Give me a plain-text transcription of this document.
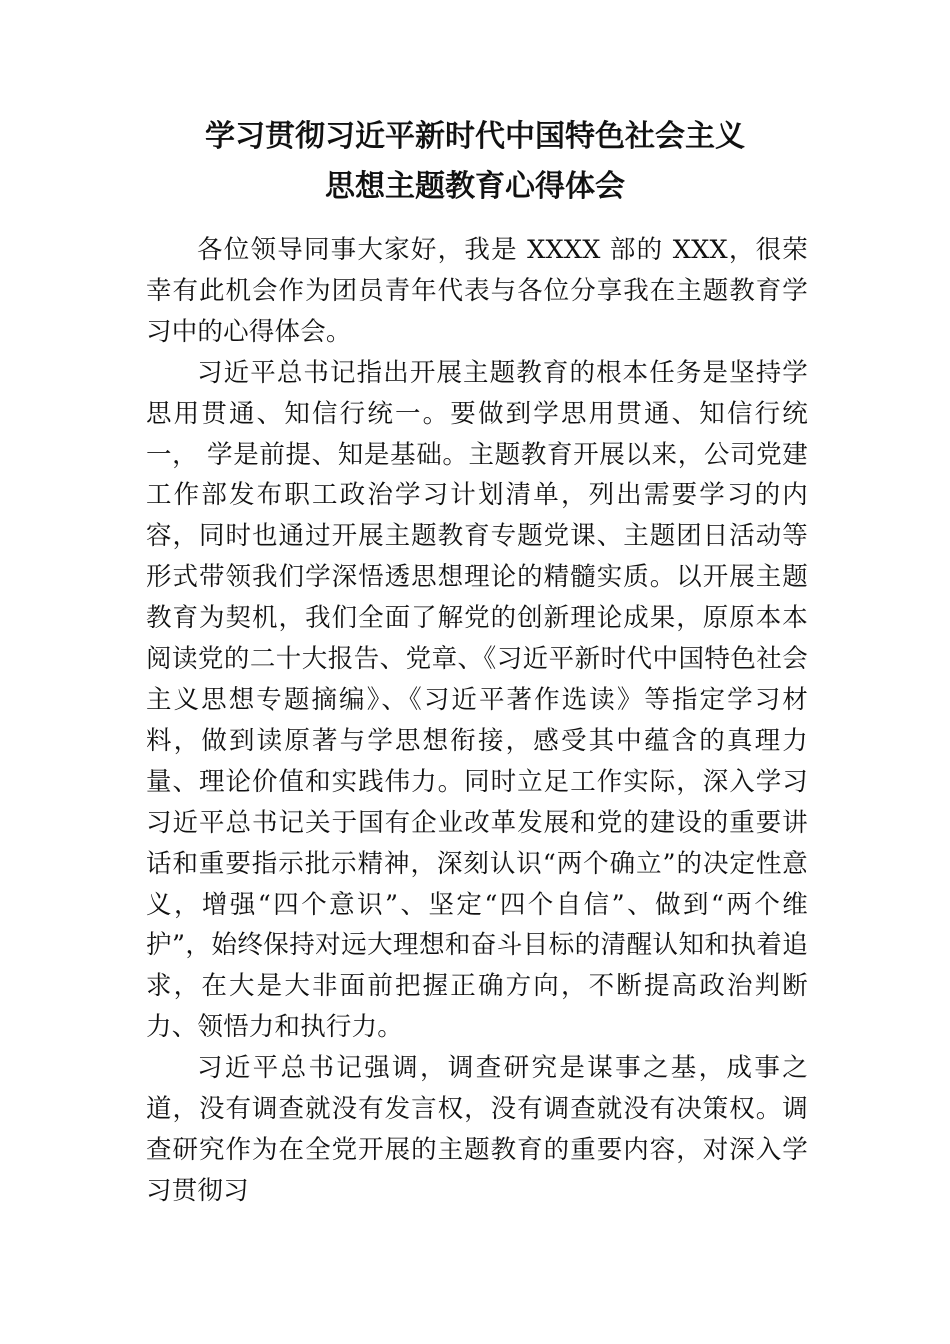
学习贯彻习近平新时代中国特色社会主义
思想主题教育心得体会

各位领导同事大家好，我是 XXXX 部的 XXX，很荣幸有此机会作为团员青年代表与各位分享我在主题教育学习中的心得体会。

习近平总书记指出开展主题教育的根本任务是坚持学思用贯通、知信行统一。要做到学思用贯通、知信行统一， 学是前提、知是基础。主题教育开展以来，公司党建工作部发布职工政治学习计划清单，列出需要学习的内容，同时也通过开展主题教育专题党课、主题团日活动等形式带领我们学深悟透思想理论的精髓实质。以开展主题教育为契机，我们全面了解党的创新理论成果，原原本本阅读党的二十大报告、党章、《习近平新时代中国特色社会主义思想专题摘编》、《习近平著作选读》等指定学习材料，做到读原著与学思想衔接，感受其中蕴含的真理力量、理论价值和实践伟力。同时立足工作实际，深入学习习近平总书记关于国有企业改革发展和党的建设的重要讲话和重要指示批示精神，深刻认识“两个确立”的决定性意义，增强“四个意识”、坚定“四个自信”、做到“两个维护”，始终保持对远大理想和奋斗目标的清醒认知和执着追求，在大是大非面前把握正确方向，不断提高政治判断力、领悟力和执行力。

习近平总书记强调，调查研究是谋事之基，成事之道，没有调查就没有发言权，没有调查就没有决策权。调查研究作为在全党开展的主题教育的重要内容，对深入学习贯彻习
